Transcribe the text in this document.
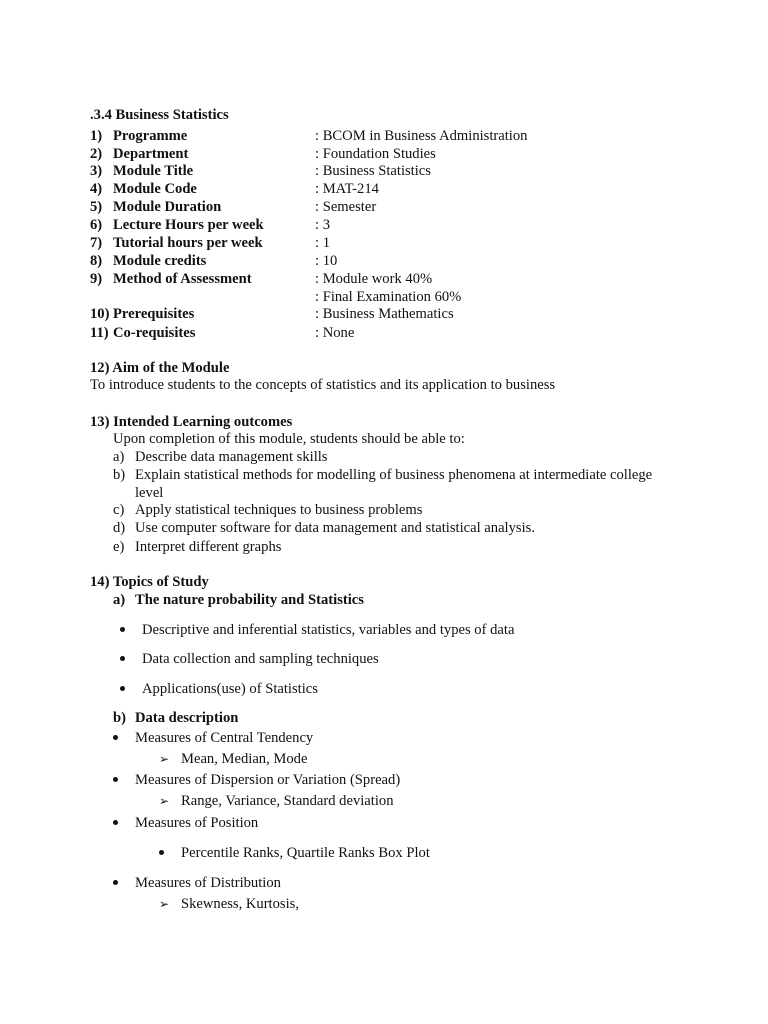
.3.4 Business Statistics
1) Programme	: BCOM in Business Administration
2) Department	: Foundation Studies
3) Module Title	: Business Statistics
4) Module Code	: MAT-214
5) Module Duration	: Semester
6) Lecture Hours per week	: 3
7) Tutorial hours per week	: 1
8) Module credits	: 10
9) Method of Assessment	: Module work 40%
: Final Examination 60%
10) Prerequisites	: Business Mathematics
11) Co-requisites	: None
12) Aim of the Module
To introduce students to the concepts of statistics and its application to business
13) Intended Learning outcomes
Upon completion of this module, students should be able to:
a) Describe data management skills
b) Explain statistical methods for modelling of business phenomena at intermediate college
level
c) Apply statistical techniques to business problems
d) Use computer software for data management and statistical analysis.
e) Interpret different graphs
14) Topics of Study
a) The nature probability and Statistics
Descriptive and inferential statistics, variables and types of data
Data collection and sampling techniques
Applications(use) of Statistics
b) Data description
Measures of Central Tendency
➢ Mean, Median, Mode
Measures of Dispersion or Variation (Spread)
➢ Range, Variance, Standard deviation
Measures of Position
Percentile Ranks, Quartile Ranks Box Plot
Measures of Distribution
➢ Skewness, Kurtosis,
